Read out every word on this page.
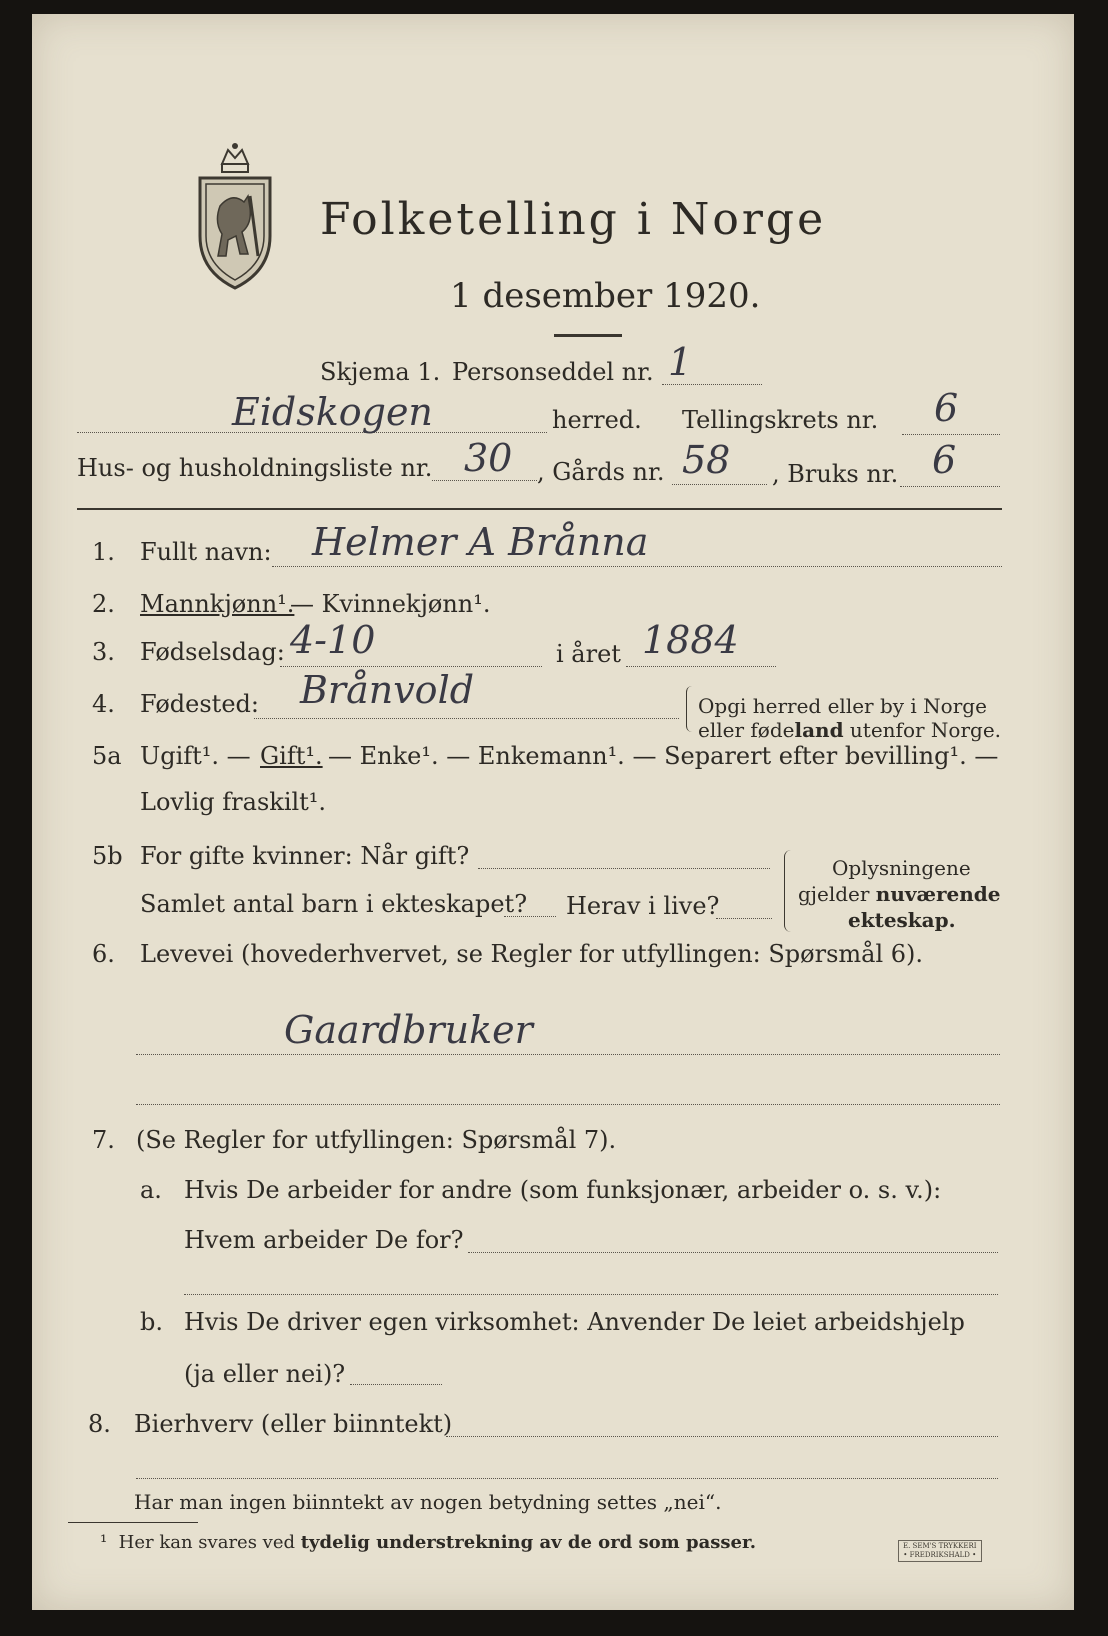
Folketelling i Norge
1 desember 1920.
Skjema 1. Personseddel nr. 1
Eidskogen	herred. Tellingskrets nr. 6
Hus- og husholdningsliste nr. 30 , Gårds nr. 58 , Bruks nr. 6
1. Fullt navn: Helmer A Brånna
2. Mannkjønn¹.
— Kvinnekjønn¹.
3. Fødselsdag: 4-10	i året 1884
4. Fødested: Brånvold	Opgi herred eller by i Norge
eller fødeland utenfor Norge.
5a Ugift¹. — Gift¹. — Enke¹. — Enkemann¹. — Separert efter bevilling¹. —
Lovlig fraskilt¹.
5b For gifte kvinner: Når gift?
Samlet antal barn i ekteskapet? Herav i live?
Oplysningene
gjelder nuværende
ekteskap.
6. Levevei (hovederhvervet, se Regler for utfyllingen: Spørsmål 6).
Gaardbruker
7. (Se Regler for utfyllingen: Spørsmål 7).
a. Hvis De arbeider for andre (som funksjonær, arbeider o. s. v.):
Hvem arbeider De for?
b. Hvis De driver egen virksomhet: Anvender De leiet arbeidshjelp
(ja eller nei)?
8. Bierhverv (eller biinntekt)
Har man ingen biinntekt av nogen betydning settes „nei“.
¹ Her kan svares ved tydelig understrekning av de ord som passer.	E. SEM'S TRYKKERI
• FREDRIKSHALD •
